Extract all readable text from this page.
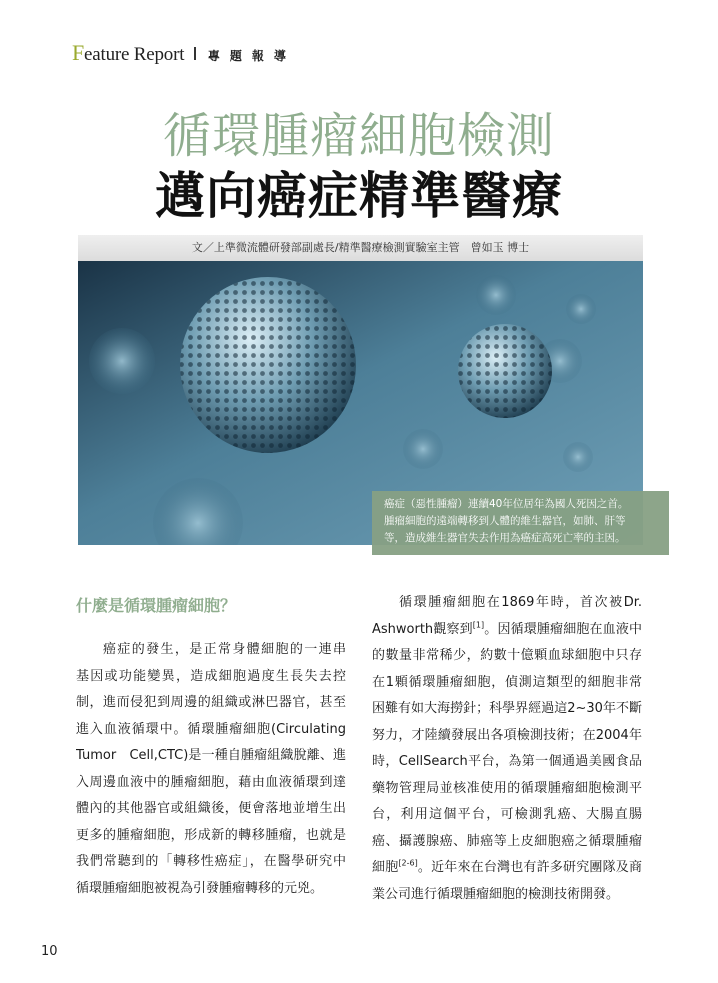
Feature Report 專題報導
循環腫瘤細胞檢測
邁向癌症精準醫療
文／上準微流體研發部副處長/精準醫療檢測實驗室主管　曾如玉 博士

癌症（惡性腫瘤）連續40年位居年為國人死因之首。

腫瘤細胞的遠端轉移到人體的維生器官，如肺、肝等

等，造成維生器官失去作用為癌症高死亡率的主因。

什麼是循環腫瘤細胞？

癌症的發生，是正常身體細胞的一連串

基因或功能變異，造成細胞過度生長失去控

制，進而侵犯到周邊的組織或淋巴器官，甚至

進入血液循環中。循環腫瘤細胞(Circulating

Tumor　Cell,CTC)是一種自腫瘤組織脫離、進

入周邊血液中的腫瘤細胞，藉由血液循環到達

體內的其他器官或組織後，便會落地並增生出

更多的腫瘤細胞，形成新的轉移腫瘤，也就是

我們常聽到的「轉移性癌症」，在醫學研究中

循環腫瘤細胞被視為引發腫瘤轉移的元兇。

循環腫瘤細胞在1869年時，首次被Dr.

Ashworth觀察到[1]。因循環腫瘤細胞在血液中

的數量非常稀少，約數十億顆血球細胞中只存

在1顆循環腫瘤細胞，偵測這類型的細胞非常

困難有如大海撈針；科學界經過這2~30年不斷

努力，才陸續發展出各項檢測技術；在2004年

時，CellSearch平台，為第一個通過美國食品

藥物管理局並核准使用的循環腫瘤細胞檢測平

台，利用這個平台，可檢測乳癌、大腸直腸

癌、攝護腺癌、肺癌等上皮細胞癌之循環腫瘤

細胞[2-6]。近年來在台灣也有許多研究團隊及商

業公司進行循環腫瘤細胞的檢測技術開發。

10
